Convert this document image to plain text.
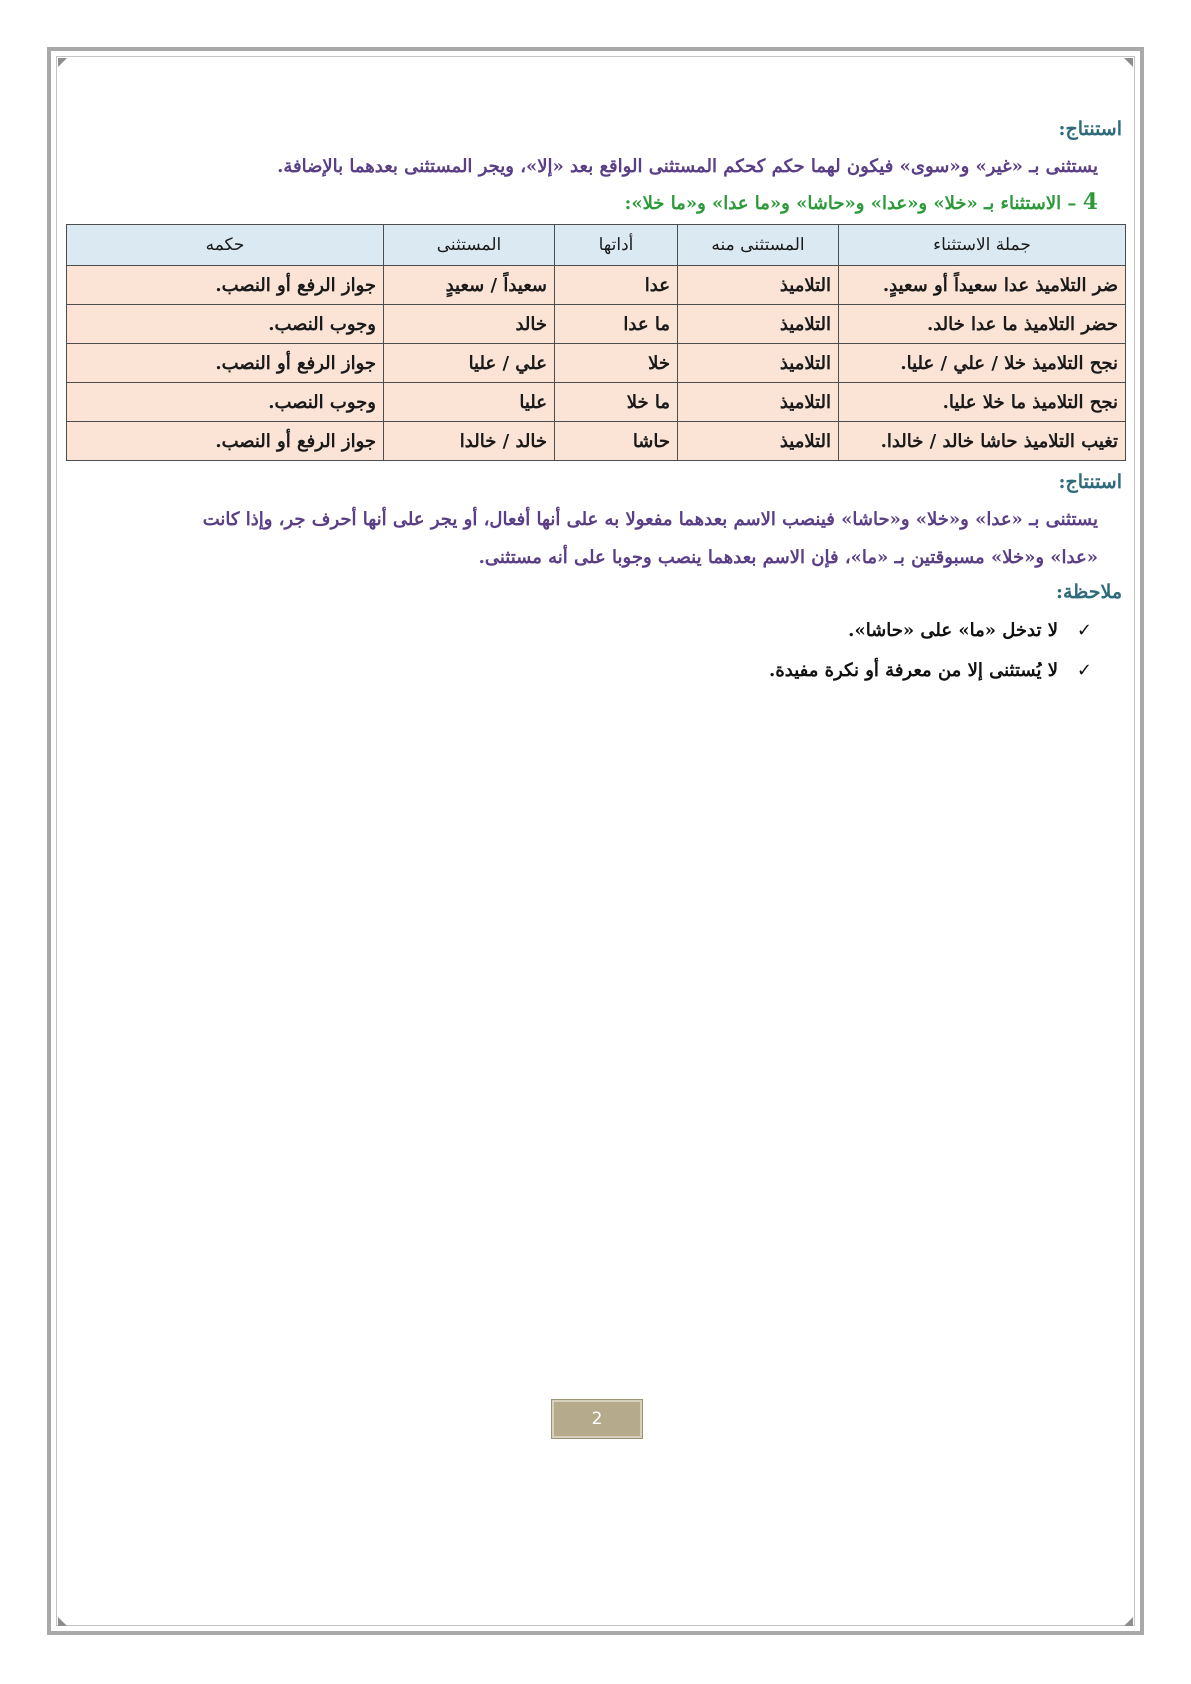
استنتاج:

يستثنى بـ «غير» و«سوى» فيكون لهما حكم كحكم المستثنى الواقع بعد «إلا»، ويجر المستثنى بعدهما بالإضافة.

4 – الاستثناء بـ «خلا» و«عدا» و«حاشا» و«ما عدا» و«ما خلا»:

جملة الاستثناء	المستثنى منه	أداتها	المستثنى	حكمه
ضر التلاميذ عدا سعيداً أو سعيدٍ.	التلاميذ	عدا	سعيداً / سعيدٍ	جواز الرفع أو النصب.
حضر التلاميذ ما عدا خالد.	التلاميذ	ما عدا	خالد	وجوب النصب.
نجح التلاميذ خلا / علي / عليا.	التلاميذ	خلا	علي / عليا	جواز الرفع أو النصب.
نجح التلاميذ ما خلا عليا.	التلاميذ	ما خلا	عليا	وجوب النصب.
تغيب التلاميذ حاشا خالد / خالدا.	التلاميذ	حاشا	خالد / خالدا	جواز الرفع أو النصب.
استنتاج:

يستثنى بـ «عدا» و«خلا» و«حاشا» فينصب الاسم بعدهما مفعولا به على أنها أفعال، أو يجر على أنها أحرف جر، وإذا كانت

«عدا» و«خلا» مسبوقتين بـ «ما»، فإن الاسم بعدهما ينصب وجوبا على أنه مستثنى.

ملاحظة:
✓لا تدخل «ما» على «حاشا».
✓لا يُستثنى إلا من معرفة أو نكرة مفيدة.
2
